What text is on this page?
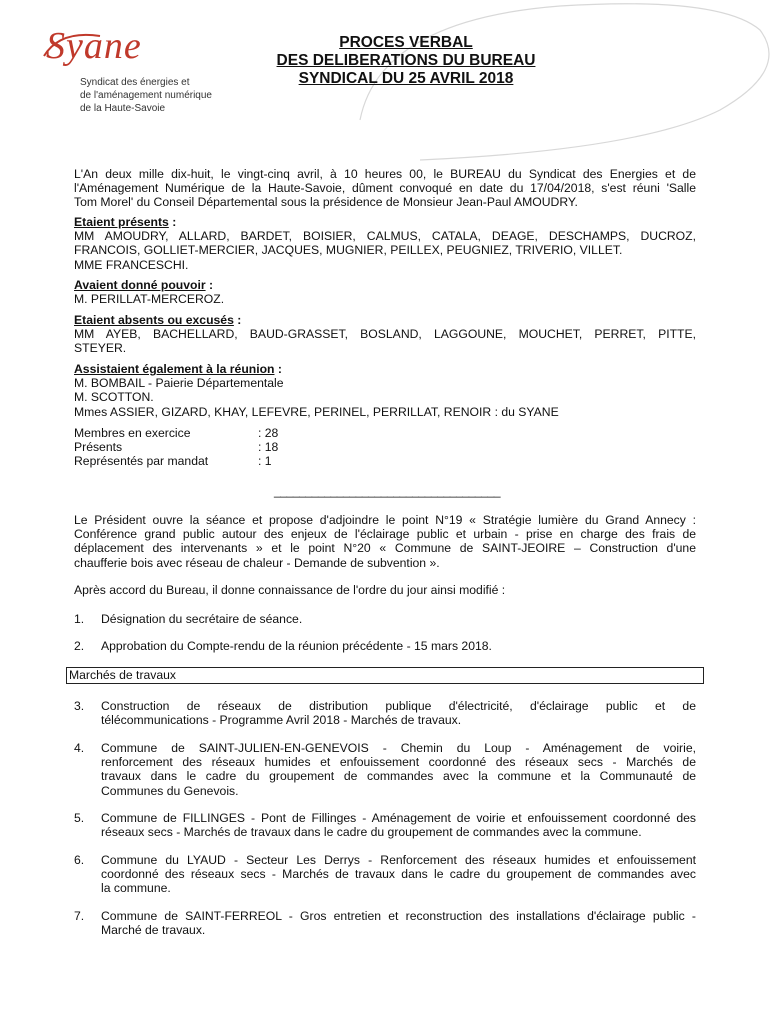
Syane
Syndicat des énergies et
de l'aménagement numérique
de la Haute-Savoie
PROCES VERBAL
DES DELIBERATIONS DU BUREAU
SYNDICAL DU 25 AVRIL 2018
L'An deux mille dix-huit, le vingt-cinq avril, à 10 heures 00, le BUREAU du Syndicat des Energies et de
l'Aménagement Numérique de la Haute-Savoie, dûment convoqué en date du 17/04/2018, s'est réuni 'Salle
Tom Morel' du Conseil Départemental sous la présidence de Monsieur Jean-Paul AMOUDRY.
Etaient présents :
MM AMOUDRY, ALLARD, BARDET, BOISIER, CALMUS, CATALA, DEAGE, DESCHAMPS, DUCROZ,
FRANCOIS, GOLLIET-MERCIER, JACQUES, MUGNIER, PEILLEX, PEUGNIEZ, TRIVERIO, VILLET.
MME FRANCESCHI.
Avaient donné pouvoir :
M. PERILLAT-MERCEROZ.
Etaient absents ou excusés :
MM AYEB, BACHELLARD, BAUD-GRASSET, BOSLAND, LAGGOUNE, MOUCHET, PERRET, PITTE,
STEYER.
Assistaient également à la réunion :
M. BOMBAIL - Paierie Départementale
M. SCOTTON.
Mmes ASSIER, GIZARD, KHAY, LEFEVRE, PERINEL, PERRILLAT, RENOIR : du SYANE
Membres en exercice	: 28
Présents	: 18
Représentés par mandat	: 1
____________________________________
Le Président ouvre la séance et propose d'adjoindre le point N°19 « Stratégie lumière du Grand Annecy :
Conférence grand public autour des enjeux de l'éclairage public et urbain - prise en charge des frais de
déplacement des intervenants » et le point N°20 « Commune de SAINT-JEOIRE – Construction d'une
chaufferie bois avec réseau de chaleur - Demande de subvention ».
Après accord du Bureau, il donne connaissance de l'ordre du jour ainsi modifié :
1. Désignation du secrétaire de séance.
2. Approbation du Compte-rendu de la réunion précédente - 15 mars 2018.
Marchés de travaux
3. Construction de réseaux de distribution publique d'électricité, d'éclairage public et de
télécommunications - Programme Avril 2018 - Marchés de travaux.
4. Commune de SAINT-JULIEN-EN-GENEVOIS - Chemin du Loup - Aménagement de voirie,
renforcement des réseaux humides et enfouissement coordonné des réseaux secs - Marchés de
travaux dans le cadre du groupement de commandes avec la commune et la Communauté de
Communes du Genevois.
5. Commune de FILLINGES - Pont de Fillinges - Aménagement de voirie et enfouissement coordonné des
réseaux secs - Marchés de travaux dans le cadre du groupement de commandes avec la commune.
6. Commune du LYAUD - Secteur Les Derrys - Renforcement des réseaux humides et enfouissement
coordonné des réseaux secs - Marchés de travaux dans le cadre du groupement de commandes avec
la commune.
7. Commune de SAINT-FERREOL - Gros entretien et reconstruction des installations d'éclairage public -
Marché de travaux.
